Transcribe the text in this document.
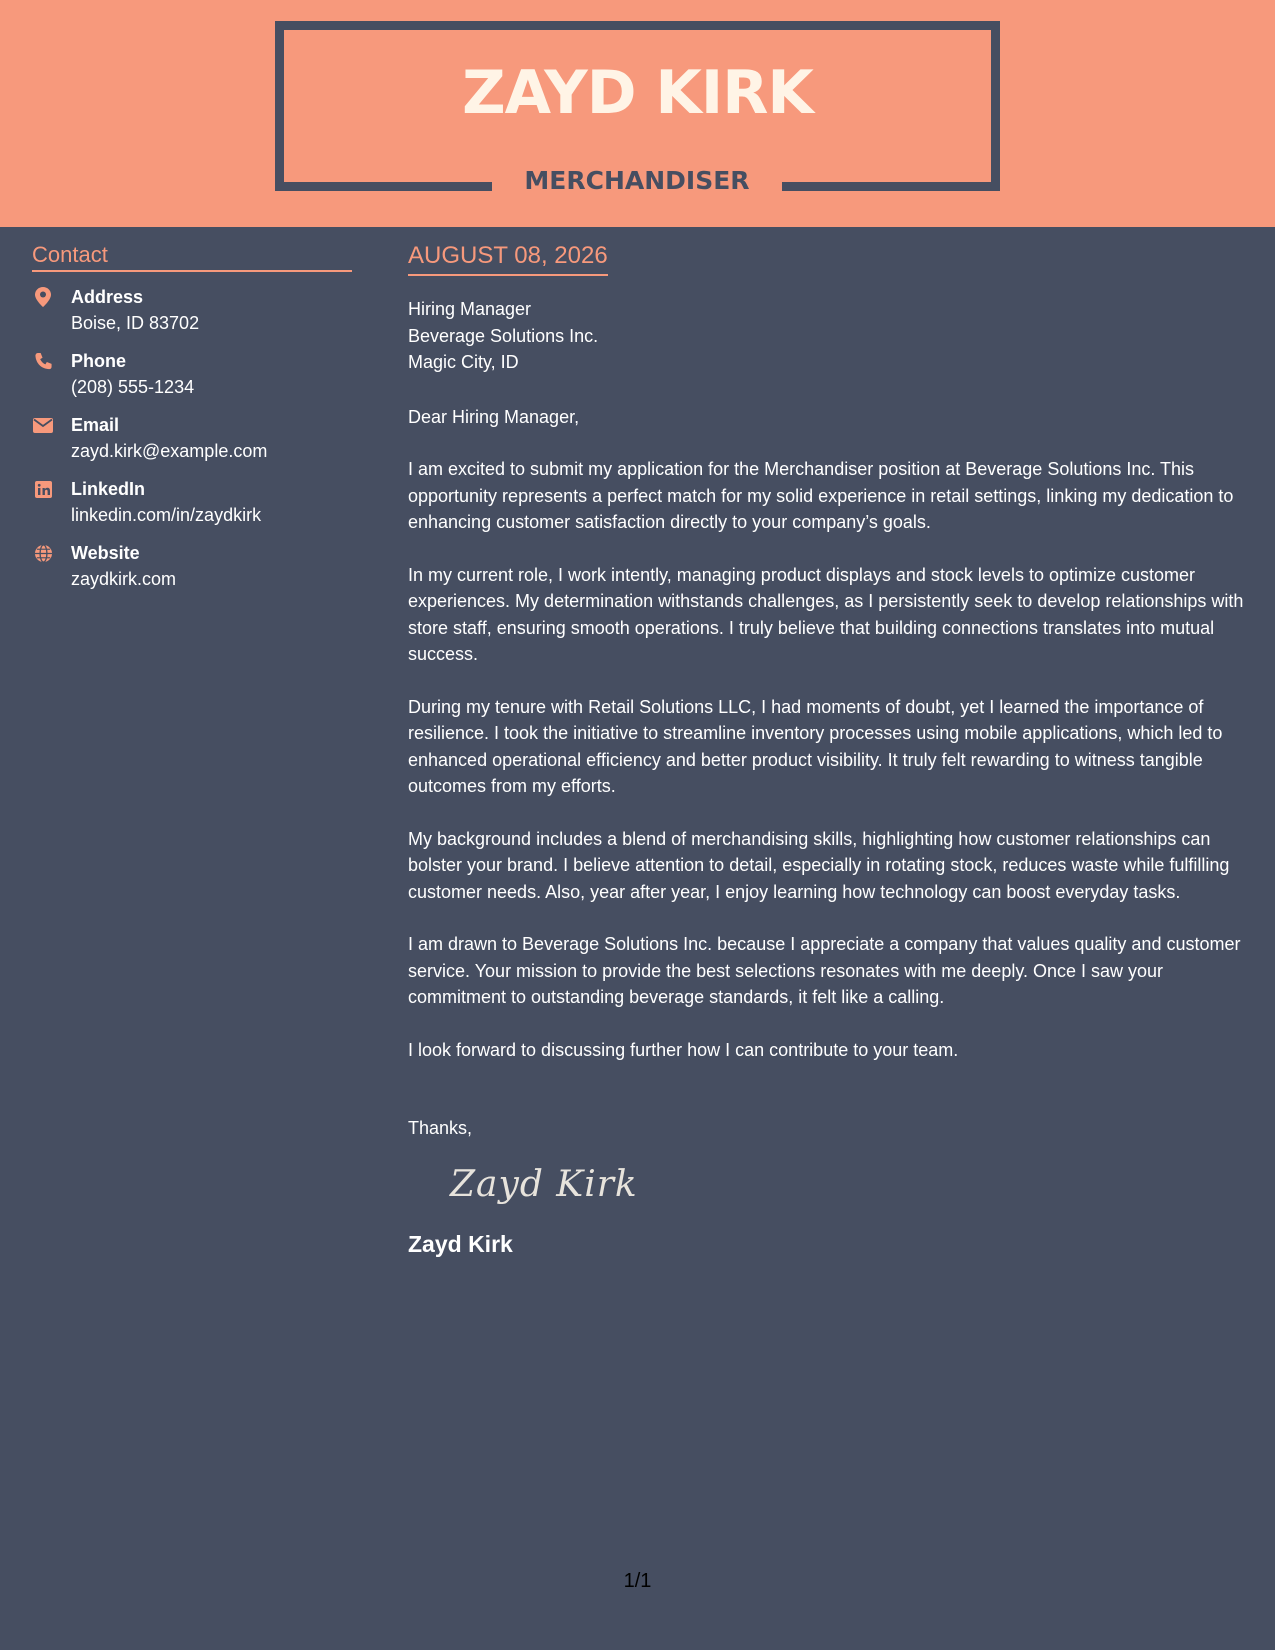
ZAYD KIRK
MERCHANDISER
Contact
Address
Boise, ID 83702
Phone
(208) 555-1234
Email
zayd.kirk@example.com
LinkedIn
linkedin.com/in/zaydkirk
Website
zaydkirk.com
AUGUST 08, 2026
Hiring Manager
Beverage Solutions Inc.
Magic City, ID
Dear Hiring Manager,
I am excited to submit my application for the Merchandiser position at Beverage Solutions Inc. This opportunity represents a perfect match for my solid experience in retail settings, linking my dedication to enhancing customer satisfaction directly to your company’s goals.
In my current role, I work intently, managing product displays and stock levels to optimize customer experiences. My determination withstands challenges, as I persistently seek to develop relationships with store staff, ensuring smooth operations. I truly believe that building connections translates into mutual success.
During my tenure with Retail Solutions LLC, I had moments of doubt, yet I learned the importance of resilience. I took the initiative to streamline inventory processes using mobile applications, which led to enhanced operational efficiency and better product visibility. It truly felt rewarding to witness tangible outcomes from my efforts.
My background includes a blend of merchandising skills, highlighting how customer relationships can bolster your brand. I believe attention to detail, especially in rotating stock, reduces waste while fulfilling customer needs. Also, year after year, I enjoy learning how technology can boost everyday tasks.
I am drawn to Beverage Solutions Inc. because I appreciate a company that values quality and customer service. Your mission to provide the best selections resonates with me deeply. Once I saw your commitment to outstanding beverage standards, it felt like a calling.
I look forward to discussing further how I can contribute to your team.
Thanks,
Zayd Kirk
Zayd Kirk
1/1
